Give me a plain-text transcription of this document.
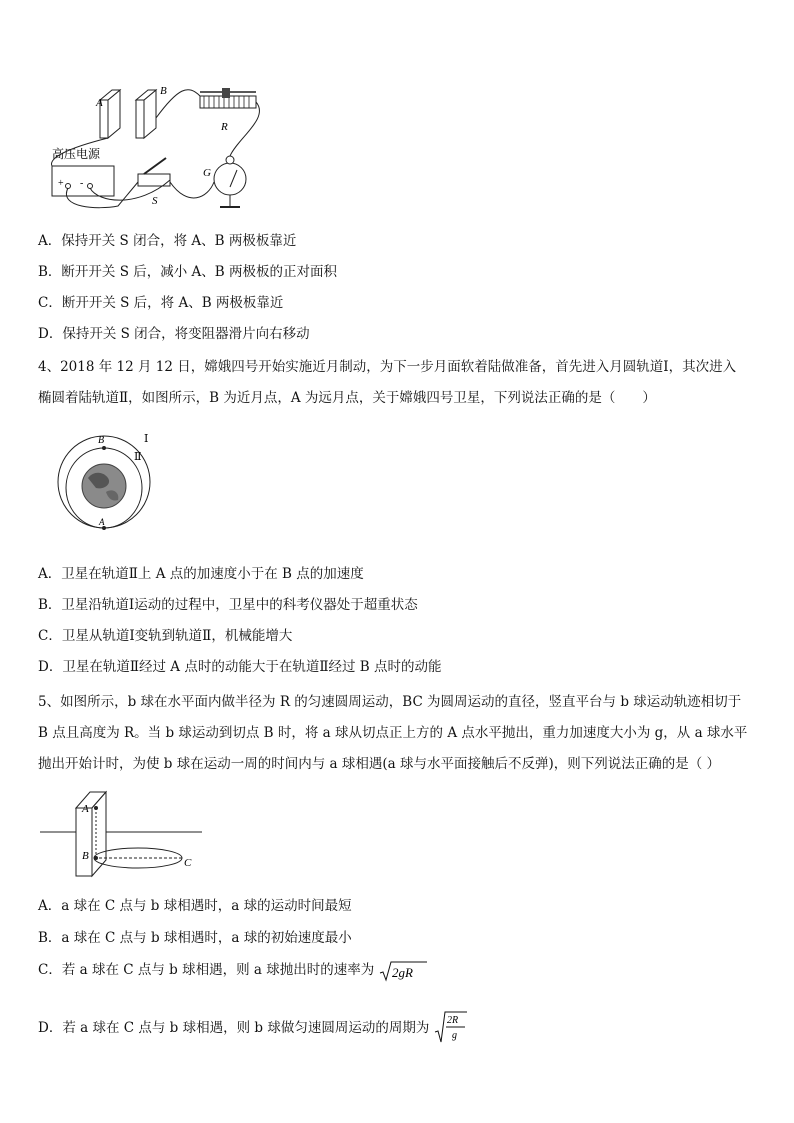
A
B
R
G
高压电源
+ -
S
A．保持开关 S 闭合，将 A、B 两极板靠近
B．断开开关 S 后，减小 A、B 两极板的正对面积
C．断开开关 S 后，将 A、B 两极板靠近
D．保持开关 S 闭合，将变阻器滑片向右移动
4、2018 年 12 月 12 日，嫦娥四号开始实施近月制动，为下一步月面软着陆做准备，首先进入月圆轨道Ⅰ，其次进入
椭圆着陆轨道Ⅱ，如图所示，B 为近月点，A 为远月点，关于嫦娥四号卫星，下列说法正确的是（　　）
B
A
Ⅰ
Ⅱ
A．卫星在轨道Ⅱ上 A 点的加速度小于在 B 点的加速度
B．卫星沿轨道Ⅰ运动的过程中，卫星中的科考仪器处于超重状态
C．卫星从轨道Ⅰ变轨到轨道Ⅱ，机械能增大
D．卫星在轨道Ⅱ经过 A 点时的动能大于在轨道Ⅱ经过 B 点时的动能
5、如图所示，b 球在水平面内做半径为 R 的匀速圆周运动，BC 为圆周运动的直径，竖直平台与 b 球运动轨迹相切于
B 点且高度为 R。当 b 球运动到切点 B 时，将 a 球从切点正上方的 A 点水平抛出，重力加速度大小为 g，从 a 球水平
抛出开始计时，为使 b 球在运动一周的时间内与 a 球相遇(a 球与水平面接触后不反弹)，则下列说法正确的是（ ）
A
B
C
A．a 球在 C 点与 b 球相遇时，a 球的运动时间最短
B．a 球在 C 点与 b 球相遇时，a 球的初始速度最小
C．若 a 球在 C 点与 b 球相遇，则 a 球抛出时的速率为 2gR
D．若 a 球在 C 点与 b 球相遇，则 b 球做匀速圆周运动的周期为 2R
g
